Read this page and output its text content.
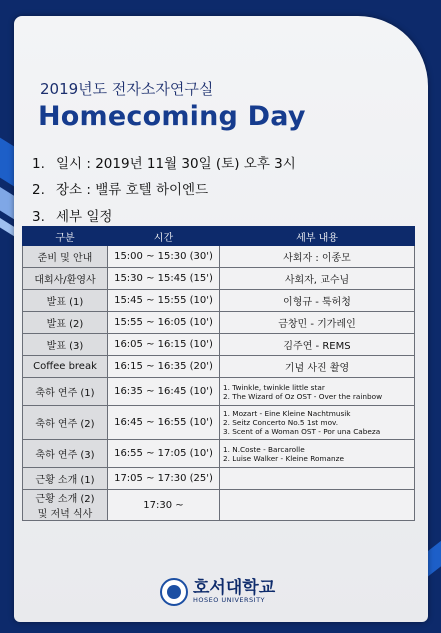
2019년도 전자소자연구실
Homecoming Day
1. 일시 : 2019년 11월 30일 (토) 오후 3시
2. 장소 : 밸류 호텔 하이엔드
3. 세부 일정
구분	시간	세부 내용
준비 및 안내	15:00 ~ 15:30 (30')	사회자 : 이종모
대회사/환영사	15:30 ~ 15:45 (15')	사회자, 교수님
발표 (1)	15:45 ~ 15:55 (10')	이형규 - 툭허청
발표 (2)	15:55 ~ 16:05 (10')	금창민 - 기가레인
발표 (3)	16:05 ~ 16:15 (10')	김주연 - REMS
Coffee break	16:15 ~ 16:35 (20')	기념 사진 촬영
축하 연주 (1)	16:35 ~ 16:45 (10')	1. Twinkle, twinkle little star
2. The Wizard of Oz OST - Over the rainbow
축하 연주 (2)	16:45 ~ 16:55 (10')	1. Mozart - Eine Kleine Nachtmusik
2. Seitz Concerto No.5 1st mov.
3. Scent of a Woman OST - Por una Cabeza
축하 연주 (3)	16:55 ~ 17:05 (10')	1. N.Coste - Barcarolle
2. Luise Walker - Kleine Romanze
근황 소개 (1)	17:05 ~ 17:30 (25')	
근황 소개 (2)
및 저녁 식사	17:30 ~	
호서대학교
HOSEO UNIVERSITY
